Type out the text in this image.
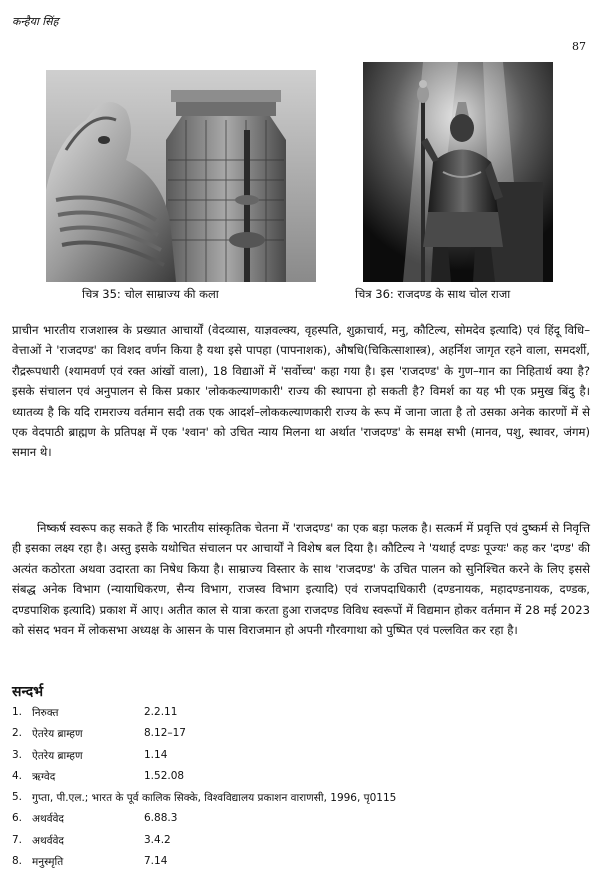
कन्हैया सिंह
87
चित्र 35: चोल साम्राज्य की कला	चित्र 36: राजदण्ड के साथ चोल राजा

प्राचीन भारतीय राजशास्त्र के प्रख्यात आचार्यों (वेदव्यास, याज्ञवल्क्य, वृहस्पति, शुक्राचार्य, मनु, कौटिल्य, सोमदेव इत्यादि) एवं हिंदू विधि–वेत्ताओं ने 'राजदण्ड' का विशद वर्णन किया है यथा इसे पापहा (पापनाशक), औषधि(चिकित्साशास्त्र), अहर्निश जागृत रहने वाला, समदर्शी, रौद्ररूपधारी (श्यामवर्ण एवं रक्त आंखों वाला), 18 विद्याओं में 'सर्वोच्च' कहा गया है। इस 'राजदण्ड' के गुण–गान का निहितार्थ क्या है? इसके संचालन एवं अनुपालन से किस प्रकार 'लोककल्याणकारी' राज्य की स्थापना हो सकती है? विमर्श का यह भी एक प्रमुख बिंदु है। ध्यातव्य है कि यदि रामराज्य वर्तमान सदी तक एक आदर्श–लोककल्याणकारी राज्य के रूप में जाना जाता है तो उसका अनेक कारणों में से एक वेदपाठी ब्राह्मण के प्रतिपक्ष में एक 'श्वान' को उचित न्याय मिलना था अर्थात 'राजदण्ड' के समक्ष सभी (मानव, पशु, स्थावर, जंगम) समान थे।

निष्कर्ष स्वरूप कह सकते हैं कि भारतीय सांस्कृतिक चेतना में 'राजदण्ड' का एक बड़ा फलक है। सत्कर्म में प्रवृत्ति एवं दुष्कर्म से निवृत्ति ही इसका लक्ष्य रहा है। अस्तु इसके यथोचित संचालन पर आचार्यों ने विशेष बल दिया है। कौटिल्य ने 'यथार्ह दण्डः पूज्यः' कह कर 'दण्ड' की अत्यंत कठोरता अथवा उदारता का निषेध किया है। साम्राज्य विस्तार के साथ 'राजदण्ड' के उचित पालन को सुनिश्चित करने के लिए इससे संबद्ध अनेक विभाग (न्यायाधिकरण, सैन्य विभाग, राजस्व विभाग इत्यादि) एवं राजपदाधिकारी (दण्डनायक, महादण्डनायक, दण्डक, दण्डपाशिक इत्यादि) प्रकाश में आए। अतीत काल से यात्रा करता हुआ राजदण्ड विविध स्वरूपों में विद्यमान होकर वर्तमान में 28 मई 2023 को संसद भवन में लोकसभा अध्यक्ष के आसन के पास विराजमान हो अपनी गौरवगाथा को पुष्पित एवं पल्लवित कर रहा है।

सन्दर्भ
1. निरुक्त	2.2.11
2. ऐतरेय ब्राम्हण	8.12–17
3. ऐतरेय ब्राम्हण	1.14
4. ऋग्वेद	1.52.08
5. गुप्ता, पी.एल.; भारत के पूर्व कालिक सिक्के, विश्वविद्यालय प्रकाशन वाराणसी, 1996, पृ0115
6. अथर्ववेद	6.88.3
7. अथर्ववेद	3.4.2
8. मनुस्मृति	7.14
